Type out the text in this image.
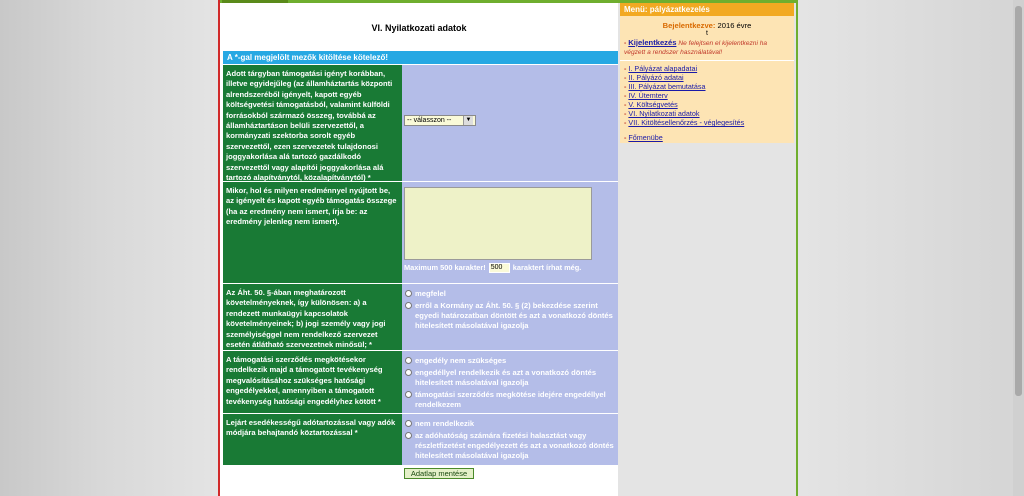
VI. Nyilatkozati adatok
A *-gal megjelölt mezők kitöltése kötelező!
Adott tárgyban támogatási igényt korábban, illetve egyidejűleg (az államháztartás központi alrendszeréből igényelt, kapott egyéb költségvetési támogatásból, valamint külföldi forrásokból származó összeg, továbbá az államháztartáson belüli szervezettől, a kormányzati szektorba sorolt egyéb szervezettől, ezen szervezetek tulajdonosi joggyakorlása alá tartozó gazdálkodó szervezettől vagy alapítói joggyakorlása alá tartozó alapítványtól, közalapítványtól) *
-- válasszon --	▼
Mikor, hol és milyen eredménnyel nyújtott be, az igényelt és kapott egyéb támogatás összege (ha az eredmény nem ismert, írja be: az eredmény jelenleg nem ismert).
Maximum 500 karakter! 500	karaktert írhat még.
Az Áht. 50. §-ában meghatározott követelményeknek, így különösen: a) a rendezett munkaügyi kapcsolatok követelményeinek; b) jogi személy vagy jogi személyiséggel nem rendelkező szervezet esetén átlátható szervezetnek minősül; *
megfelel
erről a Kormány az Áht. 50. § (2) bekezdése szerint egyedi határozatban döntött és azt a vonatkozó döntés hitelesített másolatával igazolja
A támogatási szerződés megkötésekor rendelkezik majd a támogatott tevékenység megvalósításához szükséges hatósági engedélyekkel, amennyiben a támogatott tevékenység hatósági engedélyhez kötött *
engedély nem szükséges
engedéllyel rendelkezik és azt a vonatkozó döntés hitelesített másolatával igazolja
támogatási szerződés megkötése idejére engedéllyel rendelkezem
Lejárt esedékességű adótartozással vagy adók módjára behajtandó köztartozással *
nem rendelkezik
az adóhatóság számára fizetési halasztást vagy részletfizetést engedélyezett és azt a vonatkozó döntés hitelesített másolatával igazolja
Adatlap mentése
Menü: pályázatkezelés
Bejelentkezve: 2016 évre
t
- Kijelentkezés Ne felejtsen el kijelentkezni ha végzett a rendszer használatával!
- I. Pályázat alapadatai
- II. Pályázó adatai
- III. Pályázat bemutatása
- IV. Ütemterv
- V. Költségvetés
- VI. Nyilatkozati adatok
- VII. Kitöltésellenőrzés - véglegesítés
- Főmenübe
